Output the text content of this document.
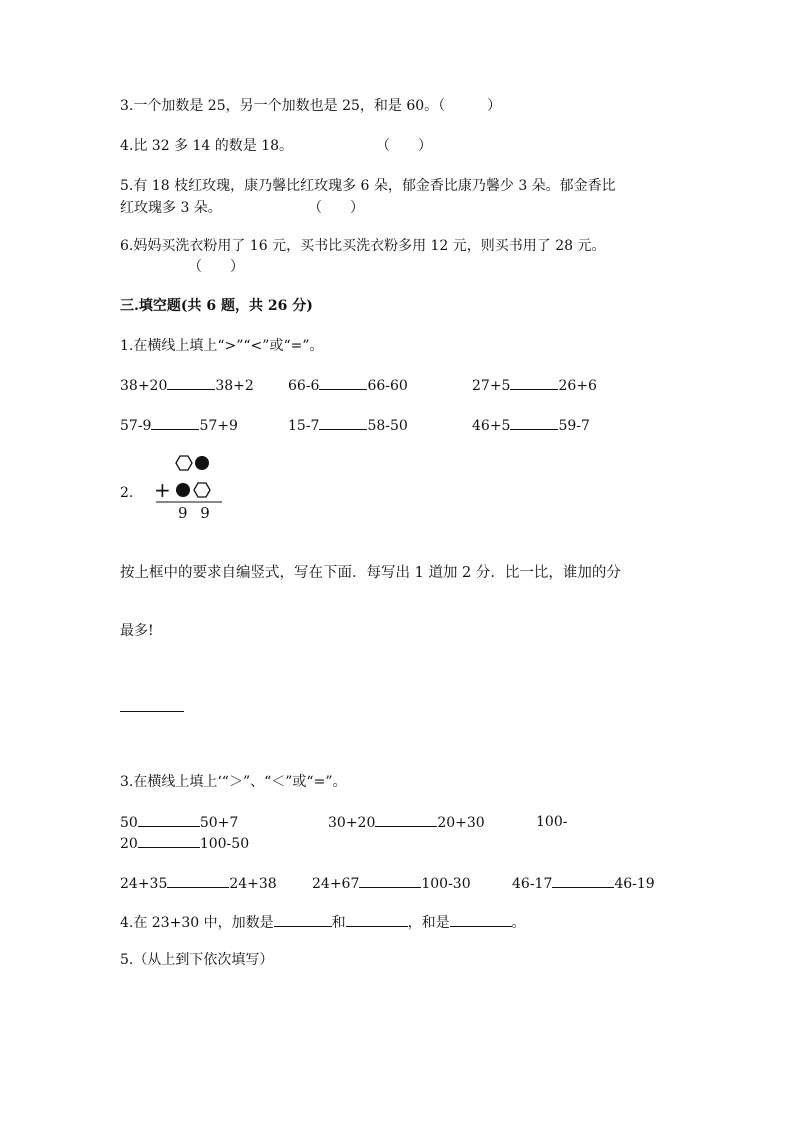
3.一个加数是 25，另一个加数也是 25，和是 60。（　　　）
4.比 32 多 14 的数是 18。	（　　）
5.有 18 枝红玫瑰，康乃馨比红玫瑰多 6 朵，郁金香比康乃馨少 3 朵。郁金香比
红玫瑰多 3 朵。	（　　）
6.妈妈买洗衣粉用了 16 元，买书比买洗衣粉多用 12 元，则买书用了 28 元。
（　　）
三.填空题(共 6 题，共 26 分)
1.在横线上填上“>”“<”或“=”。
38+20	38+2 66-6	66-60	27+5	26+6
57-9	57+9	15-7	58-50	46+5	59-7
2. +
9 9
按上框中的要求自编竖式，写在下面．每写出 1 道加 2 分．比一比，谁加的分
最多!
3.在横线上填上‘“＞”、“＜”或“=”。
50	50+7	30+20	20+30	100-
20	100-50
24+35	24+38	24+67	100-30	46-17	46-19
4.在 23+30 中，加数是	和	，和是	。
5.（从上到下依次填写）
